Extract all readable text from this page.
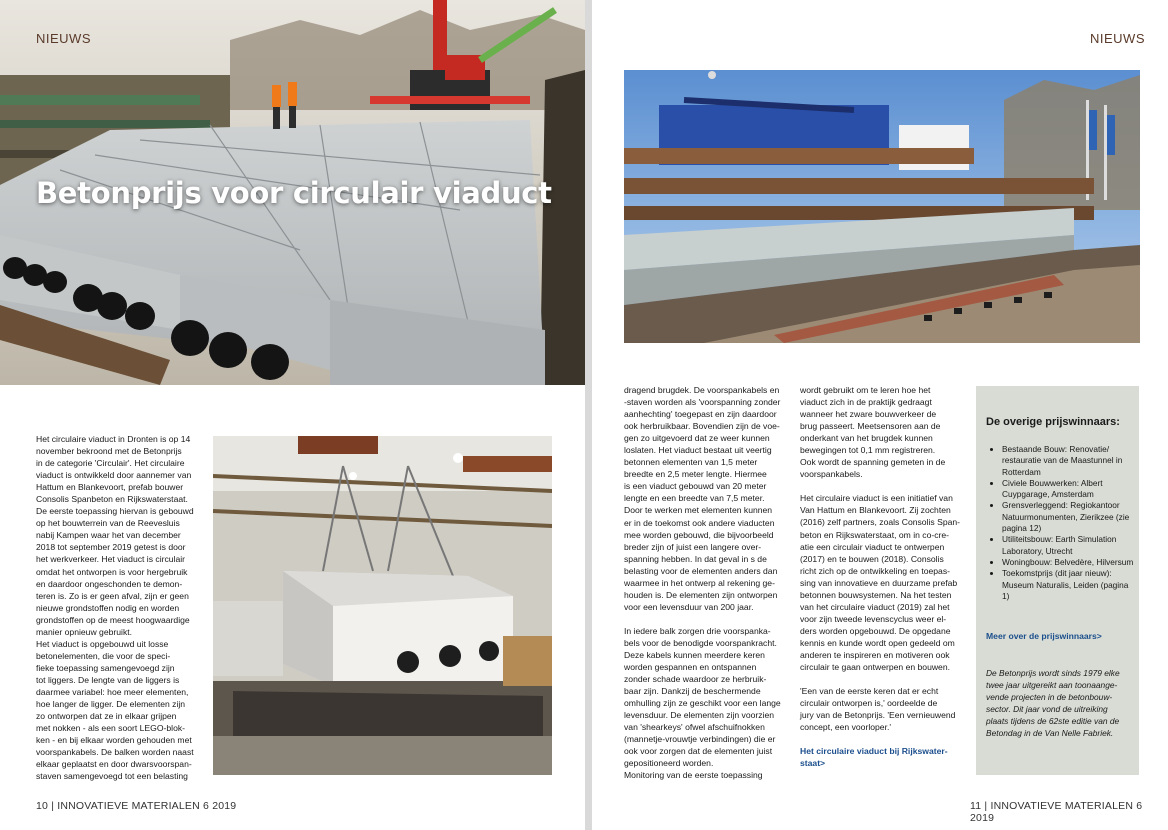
NIEUWS
Betonprijs voor circulair viaduct

Het circulaire viaduct in Dronten is op 14

november bekroond met de Betonprijs

in de categorie 'Circulair'. Het circulaire

viaduct is ontwikkeld door aannemer van

Hattum en Blankevoort, prefab bouwer

Consolis Spanbeton en Rijkswaterstaat.

De eerste toepassing hiervan is gebouwd

op het bouwterrein van de Reevesluis

nabij Kampen waar het van december

2018 tot september 2019 getest is door

het werkverkeer. Het viaduct is circulair

omdat het ontworpen is voor hergebruik

en daardoor ongeschonden te demon-

teren is. Zo is er geen afval, zijn er geen

nieuwe grondstoffen nodig en worden

grondstoffen op de meest hoogwaardige

manier opnieuw gebruikt.

Het viaduct is opgebouwd uit losse

betonelementen, die voor de speci-

fieke toepassing samengevoegd zijn

tot liggers. De lengte van de liggers is

daarmee variabel: hoe meer elementen,

hoe langer de ligger. De elementen zijn

zo ontworpen dat ze in elkaar grijpen

met nokken - als een soort LEGO-blok-

ken - en bij elkaar worden gehouden met

voorspankabels. De balken worden naast

elkaar geplaatst en door dwarsvoorspan-

staven samengevoegd tot een belasting

10 | INNOVATIEVE MATERIALEN 6 2019
NIEUWS

dragend brugdek. De voorspankabels en

-staven worden als 'voorspanning zonder

aanhechting' toegepast en zijn daardoor

ook herbruikbaar. Bovendien zijn de voe-

gen zo uitgevoerd dat ze weer kunnen

loslaten. Het viaduct bestaat uit veertig

betonnen elementen van 1,5 meter

breedte en 2,5 meter lengte. Hiermee

is een viaduct gebouwd van 20 meter

lengte en een breedte van 7,5 meter.

Door te werken met elementen kunnen

er in de toekomst ook andere viaducten

mee worden gebouwd, die bijvoorbeeld

breder zijn of juist een langere over-

spanning hebben. In dat geval in s de

belasting voor de elementen anders dan

waarmee in het ontwerp al rekening ge-

houden is. De elementen zijn ontworpen

voor een levensduur van 200 jaar.

In iedere balk zorgen drie voorspanka-

bels voor de benodigde voorspankracht.

Deze kabels kunnen meerdere keren

worden gespannen en ontspannen

zonder schade waardoor ze herbruik-

baar zijn. Dankzij de beschermende

omhulling zijn ze geschikt voor een lange

levensduur. De elementen zijn voorzien

van 'shearkeys' ofwel afschuifnokken

(mannetje-vrouwtje verbindingen) die er

ook voor zorgen dat de elementen juist

gepositioneerd worden.

Monitoring van de eerste toepassing

wordt gebruikt om te leren hoe het

viaduct zich in de praktijk gedraagt

wanneer het zware bouwverkeer de

brug passeert. Meetsensoren aan de

onderkant van het brugdek kunnen

bewegingen tot 0,1 mm registreren.

Ook wordt de spanning gemeten in de

voorspankabels.

Het circulaire viaduct is een initiatief van

Van Hattum en Blankevoort. Zij zochten

(2016) zelf partners, zoals Consolis Span-

beton en Rijkswaterstaat, om in co-cre-

atie een circulair viaduct te ontwerpen

(2017) en te bouwen (2018). Consolis

richt zich op de ontwikkeling en toepas-

sing van innovatieve en duurzame prefab

betonnen bouwsystemen. Na het testen

van het circulaire viaduct (2019) zal het

voor zijn tweede levenscyclus weer el-

ders worden opgebouwd. De opgedane

kennis en kunde wordt open gedeeld om

anderen te inspireren en motiveren ook

circulair te gaan ontwerpen en bouwen.

'Een van de eerste keren dat er echt

circulair ontworpen is,' oordeelde de

jury van de Betonprijs. 'Een vernieuwend

concept, een voorloper.'

Het circulaire viaduct bij Rijkswater-

staat>

De overige prijswinnaars:
• Bestaande Bouw: Renovatie/ restauratie van de Maastunnel in Rotterdam
• Civiele Bouwwerken: Albert Cuypgarage, Amsterdam
• Grensverleggend: Regiokantoor Natuurmonumenten, Zierikzee (zie pagina 12)
• Utiliteitsbouw: Earth Simulation Laboratory, Utrecht
• Woningbouw: Belvedère, Hilversum
• Toekomstprijs (dit jaar nieuw): Museum Naturalis, Leiden (pagina 1)
Meer over de prijswinnaars>
De Betonprijs wordt sinds 1979 elke twee jaar uitgereikt aan toonaange-vende projecten in de betonbouw-sector. Dit jaar vond de uitreiking plaats tijdens de 62ste editie van de Betondag in de Van Nelle Fabriek.
11 | INNOVATIEVE MATERIALEN 6 2019
